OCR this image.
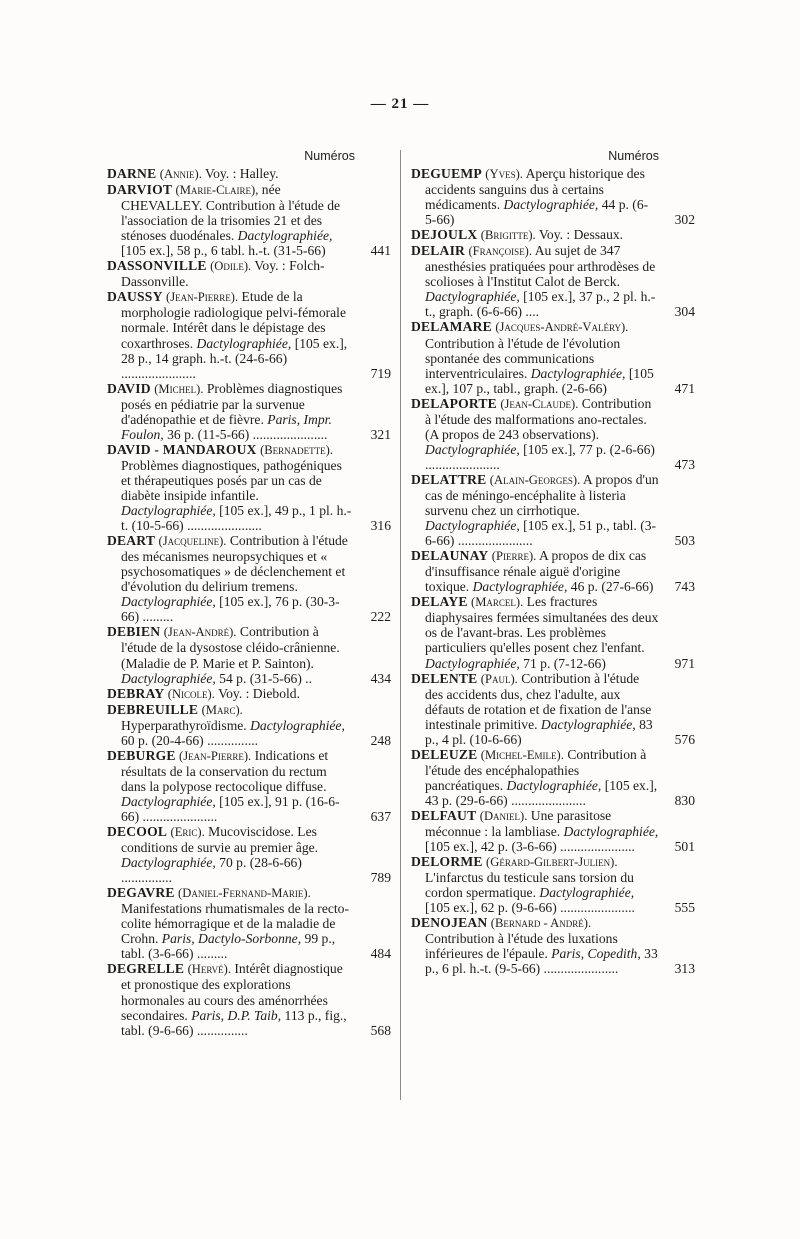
— 21 —
Numéros
DARNE (Annie). Voy. : Halley.
DARVIOT (Marie-Claire), née CHEVALLEY. Contribution à l'étude de l'association de la trisomies 21 et des sténoses duodénales. Dactylographiée, [105 ex.], 58 p., 6 tabl. h.-t. (31-5-66)	441
DASSONVILLE (Odile). Voy. : Folch-Dassonville.
DAUSSY (Jean-Pierre). Etude de la morphologie radiologique pelvi-fémorale normale. Intérêt dans le dépistage des coxarthroses. Dactylographiée, [105 ex.], 28 p., 14 graph. h.-t. (24-6-66) ......................	719
DAVID (Michel). Problèmes diagnostiques posés en pédiatrie par la survenue d'adénopathie et de fièvre. Paris, Impr. Foulon, 36 p. (11-5-66) ......................	321
DAVID - MANDAROUX (Bernadette). Problèmes diagnostiques, pathogéniques et thérapeutiques posés par un cas de diabète insipide infantile. Dactylographiée, [105 ex.], 49 p., 1 pl. h.-t. (10-5-66) ......................	316
DEART (Jacqueline). Contribution à l'étude des mécanismes neuropsychiques et « psychosomatiques » de déclenchement et d'évolution du delirium tremens. Dactylographiée, [105 ex.], 76 p. (30-3-66) .........	222
DEBIEN (Jean-André). Contribution à l'étude de la dysostose cléido-crânienne. (Maladie de P. Marie et P. Sainton). Dactylographiée, 54 p. (31-5-66) ..	434
DEBRAY (Nicole). Voy. : Diebold.
DEBREUILLE (Marc). Hyperparathyroïdisme. Dactylographiée, 60 p. (20-4-66) ...............	248
DEBURGE (Jean-Pierre). Indications et résultats de la conservation du rectum dans la polypose rectocolique diffuse. Dactylographiée, [105 ex.], 91 p. (16-6-66) ......................	637
DECOOL (Eric). Mucoviscidose. Les conditions de survie au premier âge. Dactylographiée, 70 p. (28-6-66) ...............	789
DEGAVRE (Daniel-Fernand-Marie). Manifestations rhumatismales de la recto-colite hémorragique et de la maladie de Crohn. Paris, Dactylo-Sorbonne, 99 p., tabl. (3-6-66) .........	484
DEGRELLE (Hervé). Intérêt diagnostique et pronostique des explorations hormonales au cours des aménorrhées secondaires. Paris, D.P. Taib, 113 p., fig., tabl. (9-6-66) ...............	568
Numéros
DEGUEMP (Yves). Aperçu historique des accidents sanguins dus à certains médicaments. Dactylographiée, 44 p. (6-5-66)	302
DEJOULX (Brigitte). Voy. : Dessaux.
DELAIR (Françoise). Au sujet de 347 anesthésies pratiquées pour arthrodèses de scolioses à l'Institut Calot de Berck. Dactylographiée, [105 ex.], 37 p., 2 pl. h.-t., graph. (6-6-66) ....	304
DELAMARE (Jacques-André-Valéry). Contribution à l'étude de l'évolution spontanée des communications interventriculaires. Dactylographiée, [105 ex.], 107 p., tabl., graph. (2-6-66)	471
DELAPORTE (Jean-Claude). Contribution à l'étude des malformations ano-rectales. (A propos de 243 observations). Dactylographiée, [105 ex.], 77 p. (2-6-66) ......................	473
DELATTRE (Alain-Georges). A propos d'un cas de méningo-encéphalite à listeria survenu chez un cirrhotique. Dactylographiée, [105 ex.], 51 p., tabl. (3-6-66) ......................	503
DELAUNAY (Pierre). A propos de dix cas d'insuffisance rénale aiguë d'origine toxique. Dactylographiée, 46 p. (27-6-66)	743
DELAYE (Marcel). Les fractures diaphysaires fermées simultanées des deux os de l'avant-bras. Les problèmes particuliers qu'elles posent chez l'enfant. Dactylographiée, 71 p. (7-12-66)	971
DELENTE (Paul). Contribution à l'étude des accidents dus, chez l'adulte, aux défauts de rotation et de fixation de l'anse intestinale primitive. Dactylographiée, 83 p., 4 pl. (10-6-66)	576
DELEUZE (Michel-Emile). Contribution à l'étude des encéphalopathies pancréatiques. Dactylographiée, [105 ex.], 43 p. (29-6-66) ......................	830
DELFAUT (Daniel). Une parasitose méconnue : la lambliase. Dactylographiée, [105 ex.], 42 p. (3-6-66) ......................	501
DELORME (Gérard-Gilbert-Julien). L'infarctus du testicule sans torsion du cordon spermatique. Dactylographiée, [105 ex.], 62 p. (9-6-66) ......................	555
DENOJEAN (Bernard - André). Contribution à l'étude des luxations inférieures de l'épaule. Paris, Copedith, 33 p., 6 pl. h.-t. (9-5-66) ......................	313
